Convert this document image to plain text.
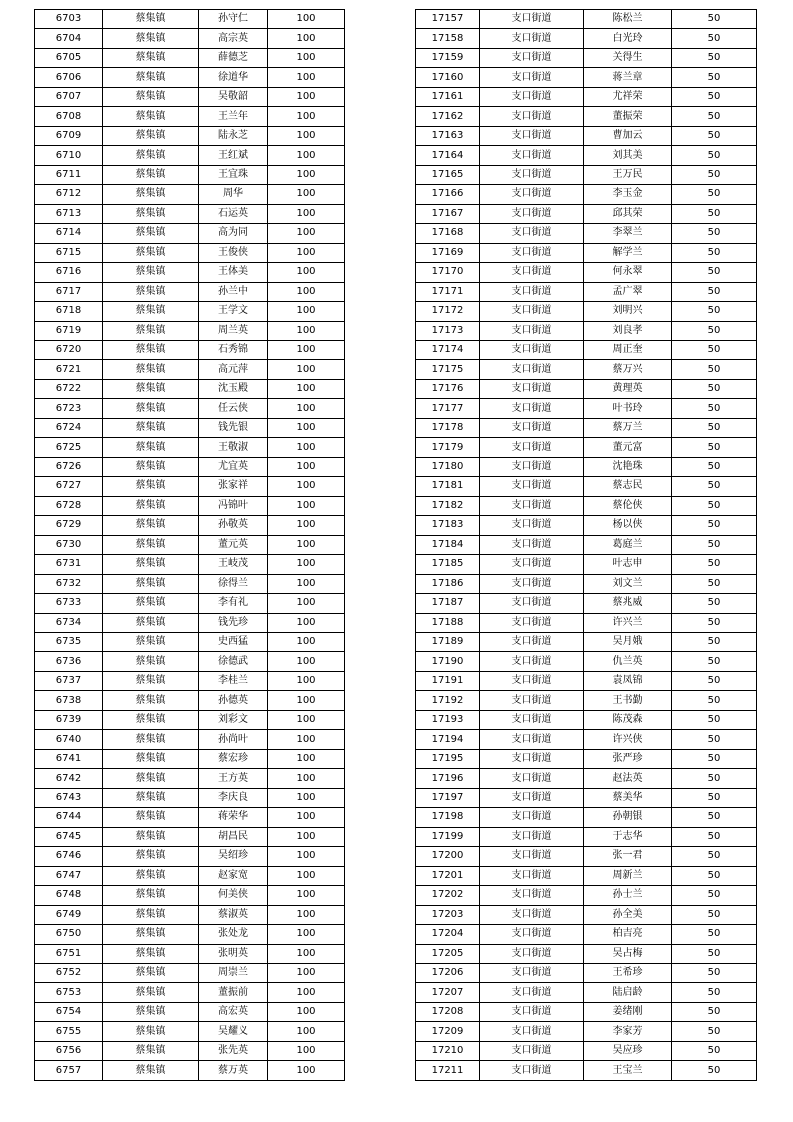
6703	蔡集镇	孙守仁	100
6704	蔡集镇	高宗英	100
6705	蔡集镇	薛德芝	100
6706	蔡集镇	徐道华	100
6707	蔡集镇	吴敬韶	100
6708	蔡集镇	王兰年	100
6709	蔡集镇	陆永芝	100
6710	蔡集镇	王红斌	100
6711	蔡集镇	王宜珠	100
6712	蔡集镇	周华	100
6713	蔡集镇	石运英	100
6714	蔡集镇	高为同	100
6715	蔡集镇	王俊侠	100
6716	蔡集镇	王体美	100
6717	蔡集镇	孙兰中	100
6718	蔡集镇	王学文	100
6719	蔡集镇	周兰英	100
6720	蔡集镇	石秀锦	100
6721	蔡集镇	高元萍	100
6722	蔡集镇	沈玉殿	100
6723	蔡集镇	任云侠	100
6724	蔡集镇	钱先银	100
6725	蔡集镇	王敬淑	100
6726	蔡集镇	尤宜英	100
6727	蔡集镇	张家祥	100
6728	蔡集镇	冯锦叶	100
6729	蔡集镇	孙敬英	100
6730	蔡集镇	董元英	100
6731	蔡集镇	王岐茂	100
6732	蔡集镇	徐得兰	100
6733	蔡集镇	李有礼	100
6734	蔡集镇	钱先珍	100
6735	蔡集镇	史西猛	100
6736	蔡集镇	徐德武	100
6737	蔡集镇	李桂兰	100
6738	蔡集镇	孙德英	100
6739	蔡集镇	刘彩文	100
6740	蔡集镇	孙尚叶	100
6741	蔡集镇	蔡宏珍	100
6742	蔡集镇	王方英	100
6743	蔡集镇	李庆良	100
6744	蔡集镇	蒋荣华	100
6745	蔡集镇	胡昌民	100
6746	蔡集镇	吴绍珍	100
6747	蔡集镇	赵家宽	100
6748	蔡集镇	何美侠	100
6749	蔡集镇	蔡淑英	100
6750	蔡集镇	张处龙	100
6751	蔡集镇	张明英	100
6752	蔡集镇	周崇兰	100
6753	蔡集镇	董振前	100
6754	蔡集镇	高宏英	100
6755	蔡集镇	吴耀义	100
6756	蔡集镇	张先英	100
6757	蔡集镇	蔡万英	100
17157	支口街道	陈松兰	50
17158	支口街道	白光玲	50
17159	支口街道	关得生	50
17160	支口街道	蒋兰章	50
17161	支口街道	尤祥荣	50
17162	支口街道	董振荣	50
17163	支口街道	曹加云	50
17164	支口街道	刘其美	50
17165	支口街道	王万民	50
17166	支口街道	李玉金	50
17167	支口街道	邱其荣	50
17168	支口街道	李翠兰	50
17169	支口街道	解学兰	50
17170	支口街道	何永翠	50
17171	支口街道	孟广翠	50
17172	支口街道	刘明兴	50
17173	支口街道	刘良孝	50
17174	支口街道	周正奎	50
17175	支口街道	蔡万兴	50
17176	支口街道	黄理英	50
17177	支口街道	叶书玲	50
17178	支口街道	蔡万兰	50
17179	支口街道	董元富	50
17180	支口街道	沈艳珠	50
17181	支口街道	蔡志民	50
17182	支口街道	蔡伦侠	50
17183	支口街道	杨以侠	50
17184	支口街道	葛庭兰	50
17185	支口街道	叶志申	50
17186	支口街道	刘文兰	50
17187	支口街道	蔡兆威	50
17188	支口街道	许兴兰	50
17189	支口街道	吴月娥	50
17190	支口街道	仇兰英	50
17191	支口街道	袁凤锦	50
17192	支口街道	王书勤	50
17193	支口街道	陈茂森	50
17194	支口街道	许兴侠	50
17195	支口街道	张严珍	50
17196	支口街道	赵法英	50
17197	支口街道	蔡美华	50
17198	支口街道	孙朝银	50
17199	支口街道	于志华	50
17200	支口街道	张一君	50
17201	支口街道	周新兰	50
17202	支口街道	孙士兰	50
17203	支口街道	孙全美	50
17204	支口街道	柏吉亮	50
17205	支口街道	吴占梅	50
17206	支口街道	王希珍	50
17207	支口街道	陆启龄	50
17208	支口街道	姜绪刚	50
17209	支口街道	李家芳	50
17210	支口街道	吴应珍	50
17211	支口街道	王宝兰	50
